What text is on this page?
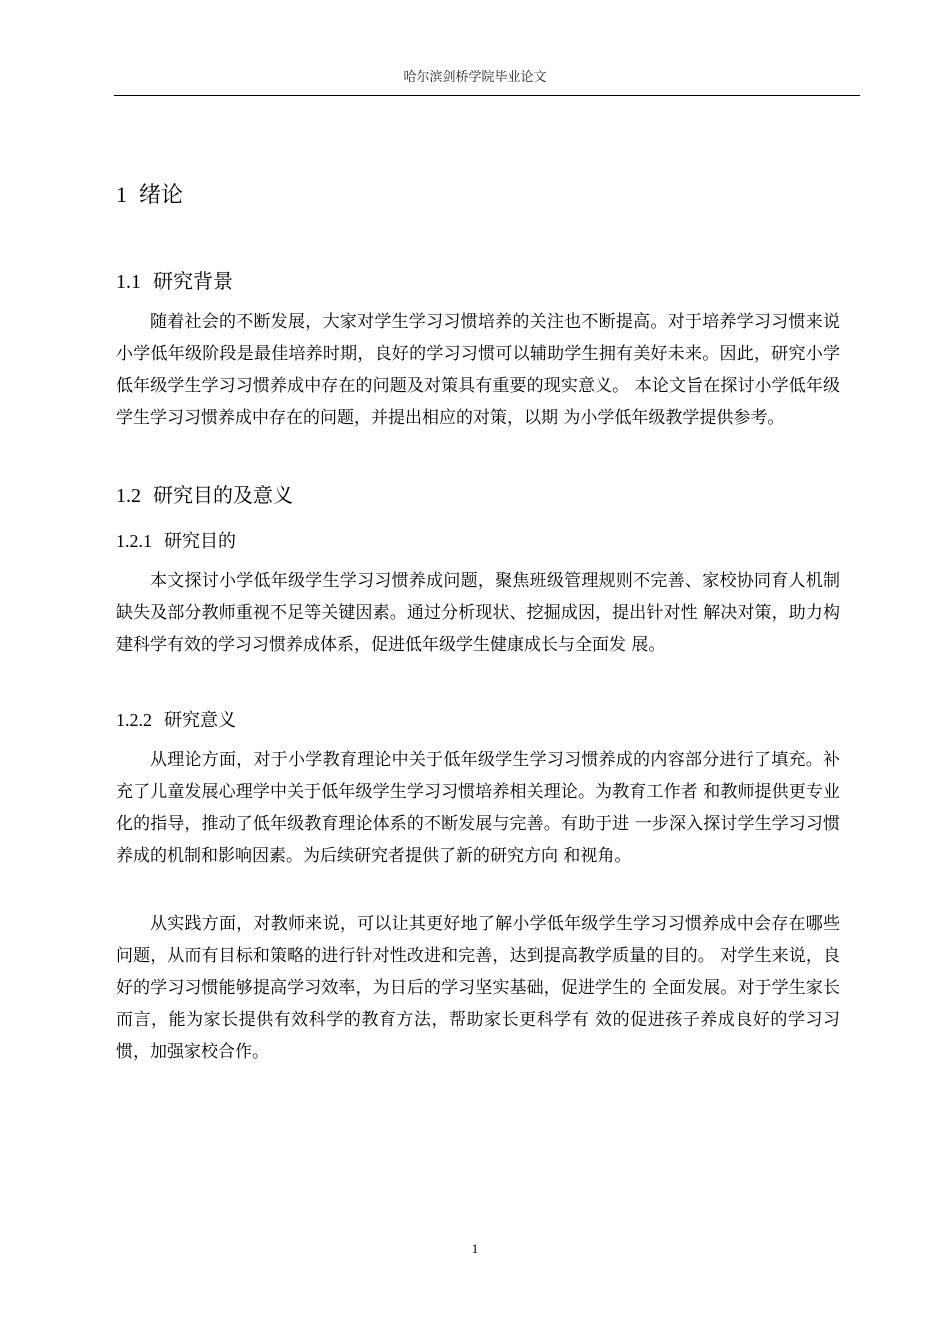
哈尔滨剑桥学院毕业论文
1 绪论
1.1 研究背景

随着社会的不断发展，大家对学生学习习惯培养的关注也不断提高。对于培养学习习惯来说小学低年级阶段是最佳培养时期，良好的学习习惯可以辅助学生拥有美好未来。因此，研究小学低年级学生学习习惯养成中存在的问题及对策具有重要的现实意义。 本论文旨在探讨小学低年级学生学习习惯养成中存在的问题，并提出相应的对策，以期 为小学低年级教学提供参考。

1.2 研究目的及意义
1.2.1 研究目的

本文探讨小学低年级学生学习习惯养成问题，聚焦班级管理规则不完善、家校协同育人机制缺失及部分教师重视不足等关键因素。通过分析现状、挖掘成因，提出针对性 解决对策，助力构建科学有效的学习习惯养成体系，促进低年级学生健康成长与全面发 展。

1.2.2 研究意义

从理论方面，对于小学教育理论中关于低年级学生学习习惯养成的内容部分进行了填充。补充了儿童发展心理学中关于低年级学生学习习惯培养相关理论。为教育工作者 和教师提供更专业化的指导，推动了低年级教育理论体系的不断发展与完善。有助于进 一步深入探讨学生学习习惯养成的机制和影响因素。为后续研究者提供了新的研究方向 和视角。

从实践方面，对教师来说，可以让其更好地了解小学低年级学生学习习惯养成中会存在哪些问题，从而有目标和策略的进行针对性改进和完善，达到提高教学质量的目的。 对学生来说，良好的学习习惯能够提高学习效率，为日后的学习坚实基础，促进学生的 全面发展。对于学生家长而言，能为家长提供有效科学的教育方法，帮助家长更科学有 效的促进孩子养成良好的学习习惯，加强家校合作。

1
